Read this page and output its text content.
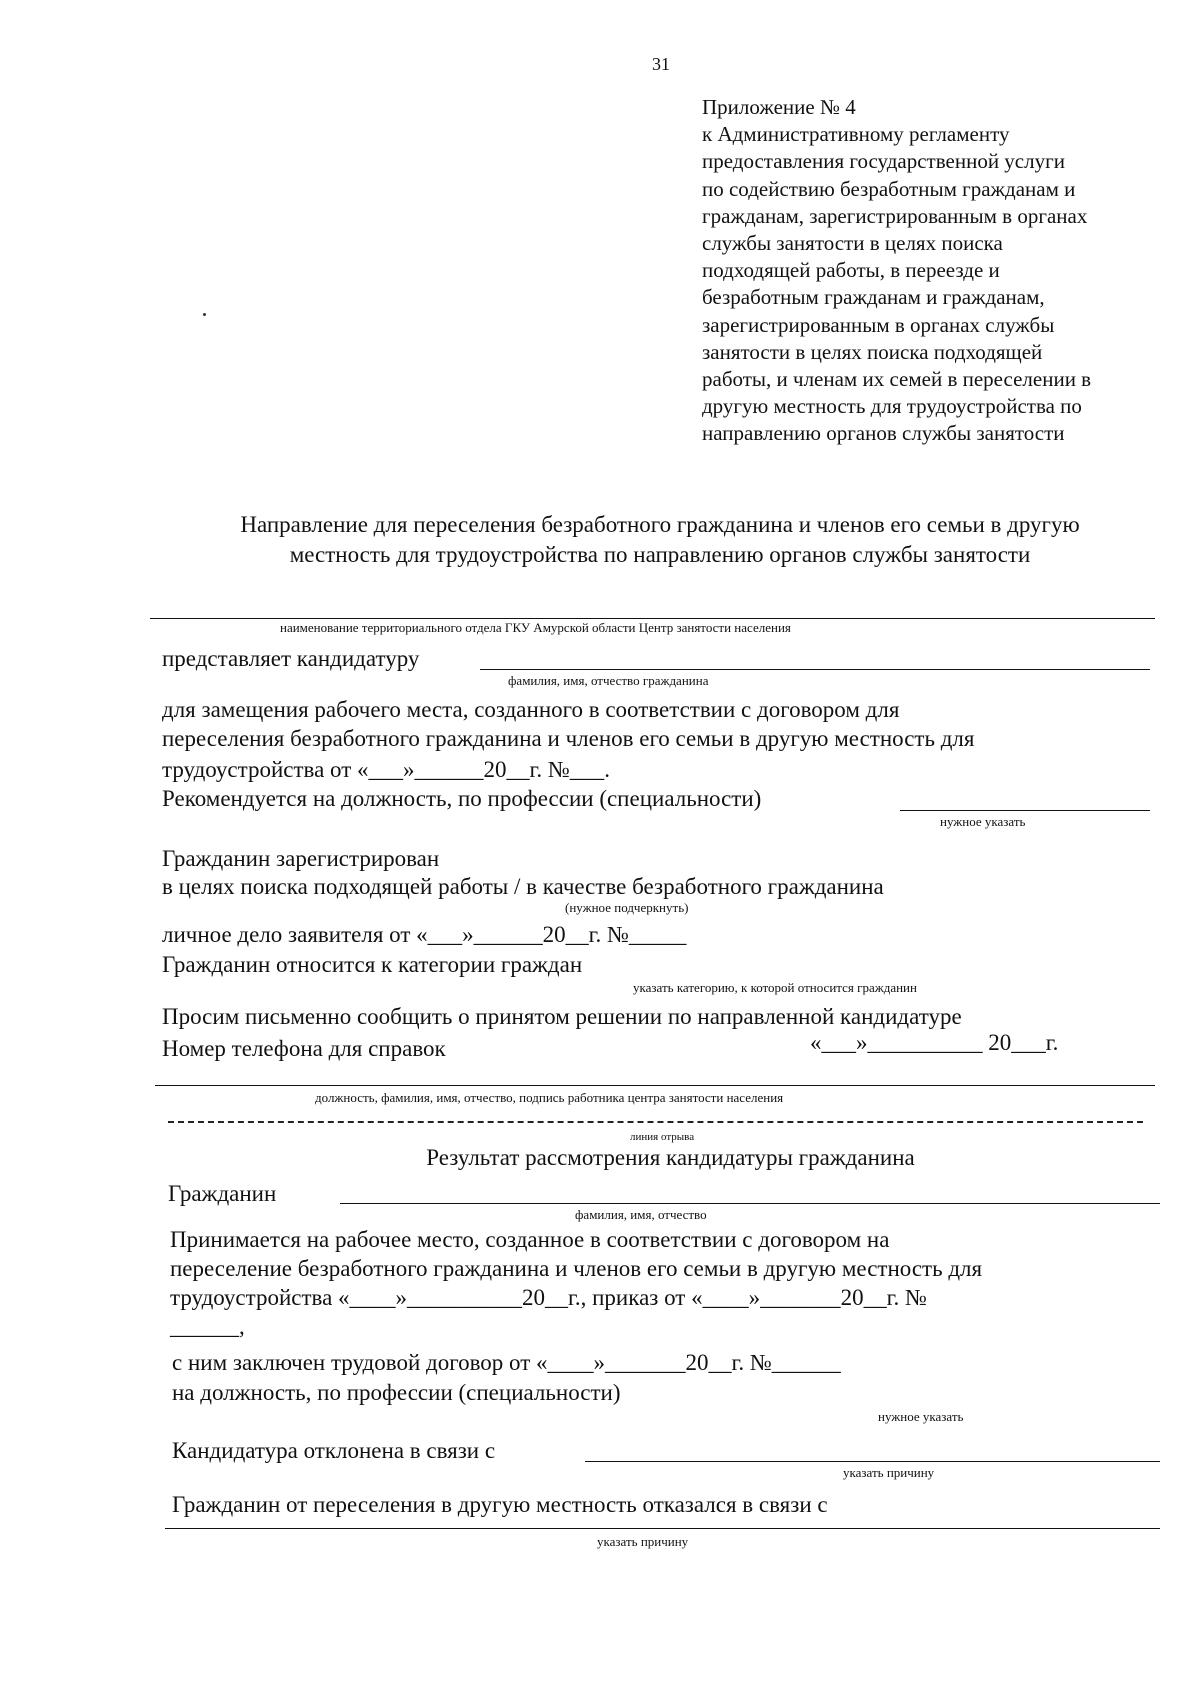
31
Приложение № 4
к Административному регламенту
предоставления государственной услуги
по содействию безработным гражданам и
гражданам, зарегистрированным в органах
службы занятости в целях поиска
подходящей работы, в переезде и
безработным гражданам и гражданам,
зарегистрированным в органах службы
занятости в целях поиска подходящей
работы, и членам их семей в переселении в
другую местность для трудоустройства по
направлению органов службы занятости
Направление для переселения безработного гражданина и членов его семьи в другую
местность для трудоустройства по направлению органов службы занятости
наименование территориального отдела ГКУ Амурской области Центр занятости населения
представляет кандидатуру
фамилия, имя, отчество гражданина
для замещения рабочего места, созданного в соответствии с договором для
переселения безработного гражданина и членов его семьи в другую местность для
трудоустройства от «___»______20__г. №___.
Рекомендуется на должность, по профессии (специальности)
нужное указать
Гражданин зарегистрирован
в целях поиска подходящей работы / в качестве безработного гражданина
(нужное подчеркнуть)
личное дело заявителя от «___»______20__г. №_____
Гражданин относится к категории граждан
указать категорию, к которой относится гражданин
Просим письменно сообщить о принятом решении по направленной кандидатуре
Номер телефона для справок	«___»__________ 20___г.
должность, фамилия, имя, отчество, подпись работника центра занятости населения
линия отрыва
Результат рассмотрения кандидатуры гражданина
Гражданин
фамилия, имя, отчество
Принимается на рабочее место, созданное в соответствии с договором на
переселение безработного гражданина и членов его семьи в другую местность для
трудоустройства «____»__________20__г., приказ от «____»_______20__г. №
______,
с ним заключен трудовой договор от «____»_______20__г. №______
на должность, по профессии (специальности)
нужное указать
Кандидатура отклонена в связи с
указать причину
Гражданин от переселения в другую местность отказался в связи с
указать причину
